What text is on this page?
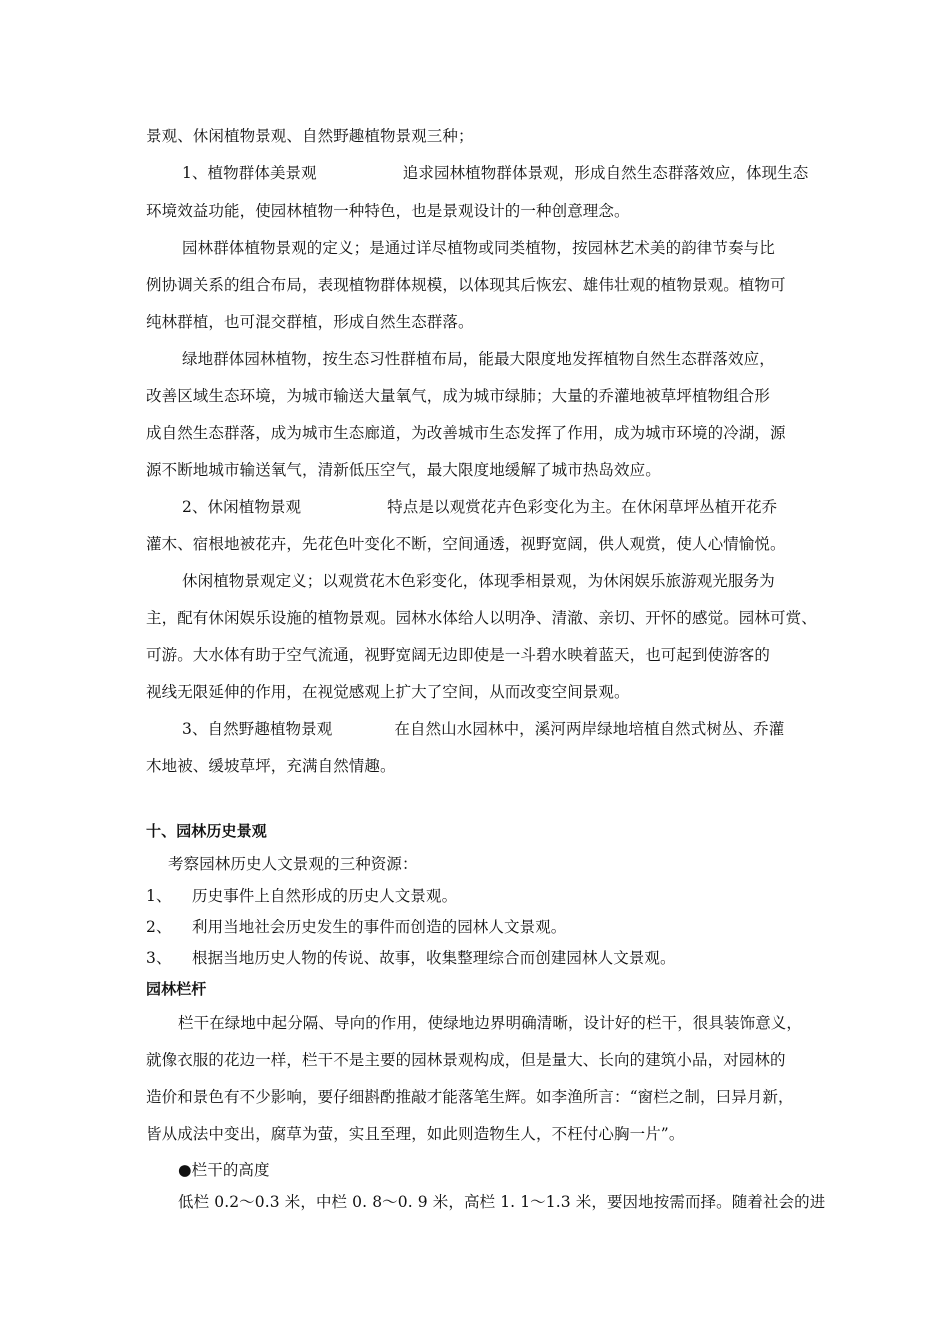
景观、休闲植物景观、自然野趣植物景观三种；
1、植物群体美景观	追求园林植物群体景观，形成自然生态群落效应，体现生态
环境效益功能，使园林植物一种特色，也是景观设计的一种创意理念。
园林群体植物景观的定义；是通过详尽植物或同类植物，按园林艺术美的韵律节奏与比
例协调关系的组合布局，表现植物群体规模，以体现其后恢宏、雄伟壮观的植物景观。植物可
纯林群植，也可混交群植，形成自然生态群落。
绿地群体园林植物，按生态习性群植布局，能最大限度地发挥植物自然生态群落效应，
改善区域生态环境，为城市输送大量氧气，成为城市绿肺；大量的乔灌地被草坪植物组合形
成自然生态群落，成为城市生态廊道，为改善城市生态发挥了作用，成为城市环境的冷湖，源
源不断地城市输送氧气，清新低压空气，最大限度地缓解了城市热岛效应。
2、休闲植物景观	特点是以观赏花卉色彩变化为主。在休闲草坪丛植开花乔
灌木、宿根地被花卉，先花色叶变化不断，空间通透，视野宽阔，供人观赏，使人心情愉悦。
休闲植物景观定义；以观赏花木色彩变化，体现季相景观，为休闲娱乐旅游观光服务为
主，配有休闲娱乐设施的植物景观。园林水体给人以明净、清澈、亲切、开怀的感觉。园林可赏、
可游。大水体有助于空气流通，视野宽阔无边即使是一斗碧水映着蓝天，也可起到使游客的
视线无限延伸的作用，在视觉感观上扩大了空间，从而改变空间景观。
3、自然野趣植物景观	在自然山水园林中，溪河两岸绿地培植自然式树丛、乔灌
木地被、缓坡草坪，充满自然情趣。
十、园林历史景观
考察园林历史人文景观的三种资源：
1、 历史事件上自然形成的历史人文景观。
2、 利用当地社会历史发生的事件而创造的园林人文景观。
3、 根据当地历史人物的传说、故事，收集整理综合而创建园林人文景观。
园林栏杆
栏干在绿地中起分隔、导向的作用，使绿地边界明确清晰，设计好的栏干，很具装饰意义，
就像衣服的花边一样，栏干不是主要的园林景观构成，但是量大、长向的建筑小品，对园林的
造价和景色有不少影响，要仔细斟酌推敲才能落笔生辉。如李渔所言：“窗栏之制，曰异月新，
皆从成法中变出，腐草为萤，实且至理，如此则造物生人，不枉付心胸一片”。
●栏干的高度
低栏 0.2～0.3 米，中栏 0. 8～0. 9 米，高栏 1. 1～1.3 米，要因地按需而择。随着社会的进
